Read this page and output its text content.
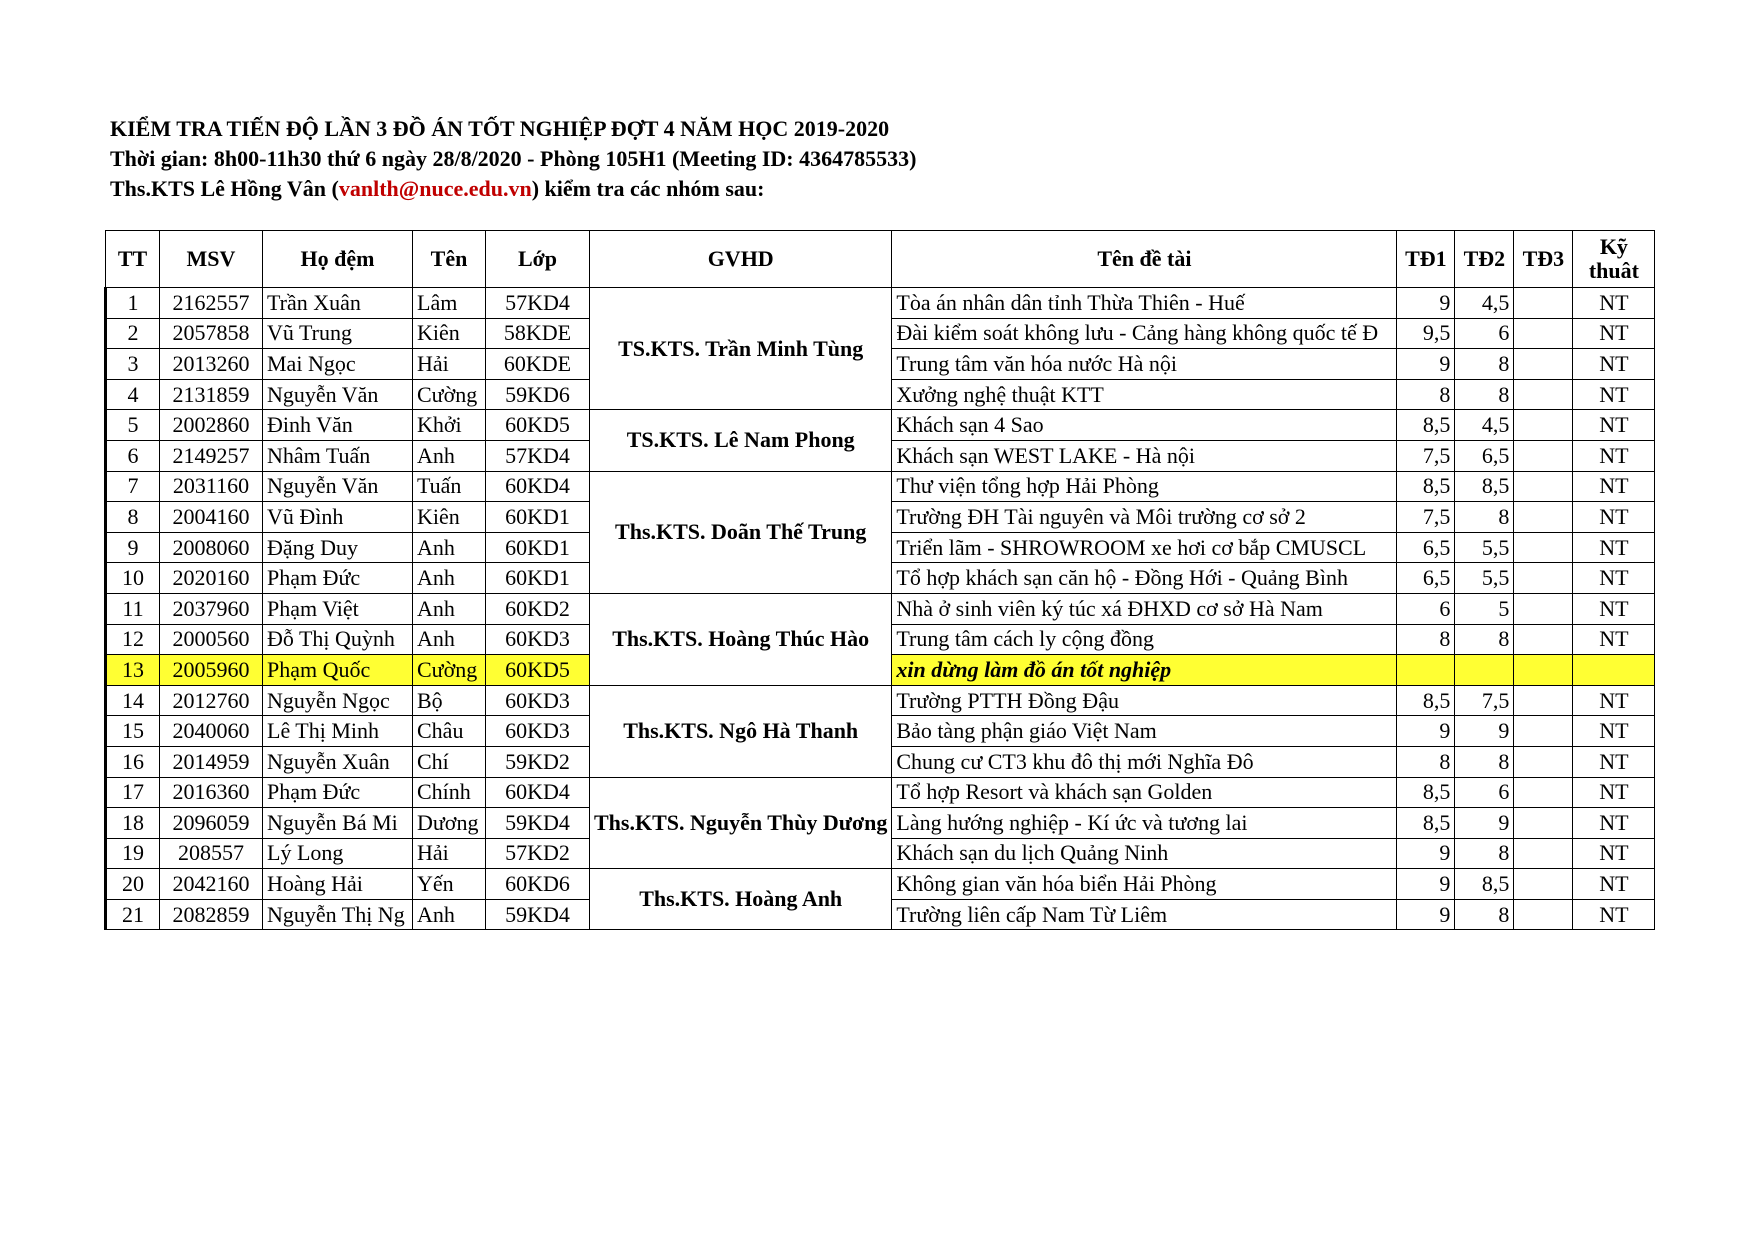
KIỂM TRA TIẾN ĐỘ LẦN 3 ĐỒ ÁN TỐT NGHIỆP ĐỢT 4 NĂM HỌC 2019-2020
Thời gian: 8h00-11h30 thứ 6 ngày 28/8/2020 - Phòng 105H1 (Meeting ID: 4364785533)
Ths.KTS Lê Hồng Vân (vanlth@nuce.edu.vn) kiểm tra các nhóm sau:
TT	MSV	Họ đệm	Tên	Lớp	GVHD	Tên đề tài	TĐ1	TĐ2	TĐ3	Kỹ thuât
1	2162557	Trần Xuân	Lâm	57KD4	TS.KTS. Trần Minh Tùng	Tòa án nhân dân tỉnh Thừa Thiên - Huế	9	4,5		NT
2	2057858	Vũ Trung	Kiên	58KDE		Đài kiểm soát không lưu - Cảng hàng không quốc tế Đ	9,5	6		NT
3	2013260	Mai Ngọc	Hải	60KDE		Trung tâm văn hóa nước Hà nội	9	8		NT
4	2131859	Nguyễn Văn	Cường	59KD6		Xưởng nghệ thuật KTT	8	8		NT
5	2002860	Đinh Văn	Khởi	60KD5	TS.KTS. Lê Nam Phong	Khách sạn 4 Sao	8,5	4,5		NT
6	2149257	Nhâm Tuấn	Anh	57KD4		Khách sạn WEST LAKE - Hà nội	7,5	6,5		NT
7	2031160	Nguyễn Văn	Tuấn	60KD4	Ths.KTS. Doãn Thế Trung	Thư viện tổng hợp Hải Phòng	8,5	8,5		NT
8	2004160	Vũ Đình	Kiên	60KD1		Trường ĐH Tài nguyên và Môi trường cơ sở 2	7,5	8		NT
9	2008060	Đặng Duy	Anh	60KD1		Triển lãm - SHROWROOM xe hơi cơ bắp CMUSCL	6,5	5,5		NT
10	2020160	Phạm Đức	Anh	60KD1		Tổ hợp khách sạn căn hộ - Đồng Hới - Quảng Bình	6,5	5,5		NT
11	2037960	Phạm Việt	Anh	60KD2	Ths.KTS. Hoàng Thúc Hào	Nhà ở sinh viên ký túc xá ĐHXD cơ sở Hà Nam	6	5		NT
12	2000560	Đỗ Thị Quỳnh	Anh	60KD3		Trung tâm cách ly cộng đồng	8	8		NT
13	2005960	Phạm Quốc	Cường	60KD5		xin dừng làm đồ án tốt nghiệp				
14	2012760	Nguyễn Ngọc	Bộ	60KD3	Ths.KTS. Ngô Hà Thanh	Trường PTTH Đồng Đậu	8,5	7,5		NT
15	2040060	Lê Thị Minh	Châu	60KD3		Bảo tàng phận giáo Việt Nam	9	9		NT
16	2014959	Nguyễn Xuân	Chí	59KD2		Chung cư CT3 khu đô thị mới Nghĩa Đô	8	8		NT
17	2016360	Phạm Đức	Chính	60KD4	Ths.KTS. Nguyễn Thùy Dương	Tổ hợp Resort và khách sạn Golden	8,5	6		NT
18	2096059	Nguyễn Bá Mi	Dương	59KD4		Làng hướng nghiệp - Kí ức và tương lai	8,5	9		NT
19	208557	Lý Long	Hải	57KD2		Khách sạn du lịch Quảng Ninh	9	8		NT
20	2042160	Hoàng Hải	Yến	60KD6	Ths.KTS. Hoàng Anh	Không gian văn hóa biển Hải Phòng	9	8,5		NT
21	2082859	Nguyễn Thị Ng	Anh	59KD4		Trường liên cấp Nam Từ Liêm	9	8		NT
